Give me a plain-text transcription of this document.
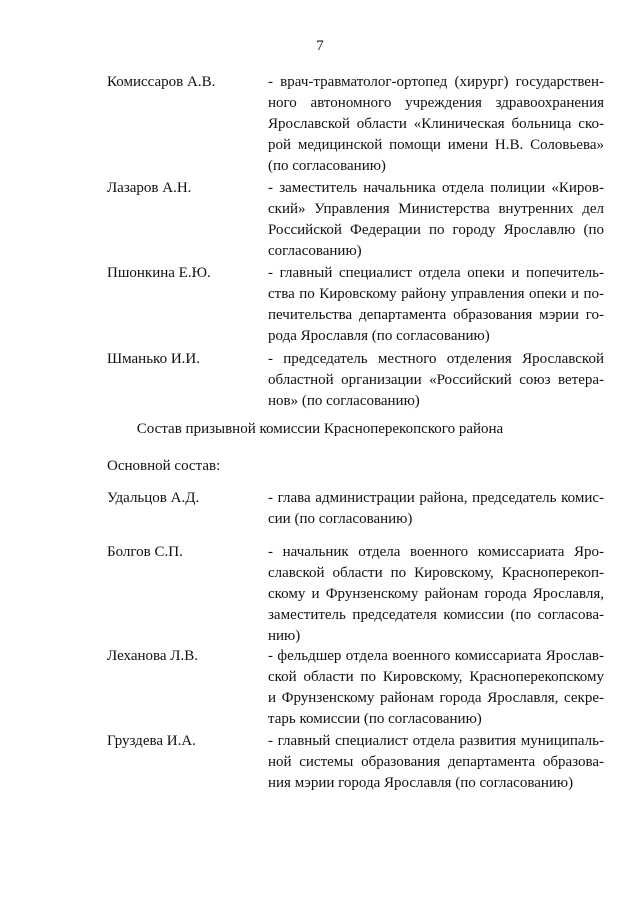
7
Комиссаров А.В.	- врач-травматолог-ортопед (хирург) государствен-
ного автономного учреждения здравоохранения
Ярославской области «Клиническая больница ско-
рой медицинской помощи имени Н.В. Соловьева»
(по согласованию)
Лазаров А.Н.	- заместитель начальника отдела полиции «Киров-
ский» Управления Министерства внутренних дел
Российской Федерации по городу Ярославлю (по
согласованию)
Пшонкина Е.Ю.	- главный специалист отдела опеки и попечитель-
ства по Кировскому району управления опеки и по-
печительства департамента образования мэрии го-
рода Ярославля (по согласованию)
Шманько И.И.	- председатель местного отделения Ярославской
областной организации «Российский союз ветера-
нов» (по согласованию)
Состав призывной комиссии Красноперекопского района
Основной состав:
Удальцов А.Д.	- глава администрации района, председатель комис-
сии (по согласованию)
Болгов С.П.	- начальник отдела военного комиссариата Яро-
славской области по Кировскому, Красноперекоп-
скому и Фрунзенскому районам города Ярославля,
заместитель председателя комиссии (по согласова-
нию)
Леханова Л.В.	- фельдшер отдела военного комиссариата Ярослав-
ской области по Кировскому, Красноперекопскому
и Фрунзенскому районам города Ярославля, секре-
тарь комиссии (по согласованию)
Груздева И.А.	- главный специалист отдела развития муниципаль-
ной системы образования департамента образова-
ния мэрии города Ярославля (по согласованию)
